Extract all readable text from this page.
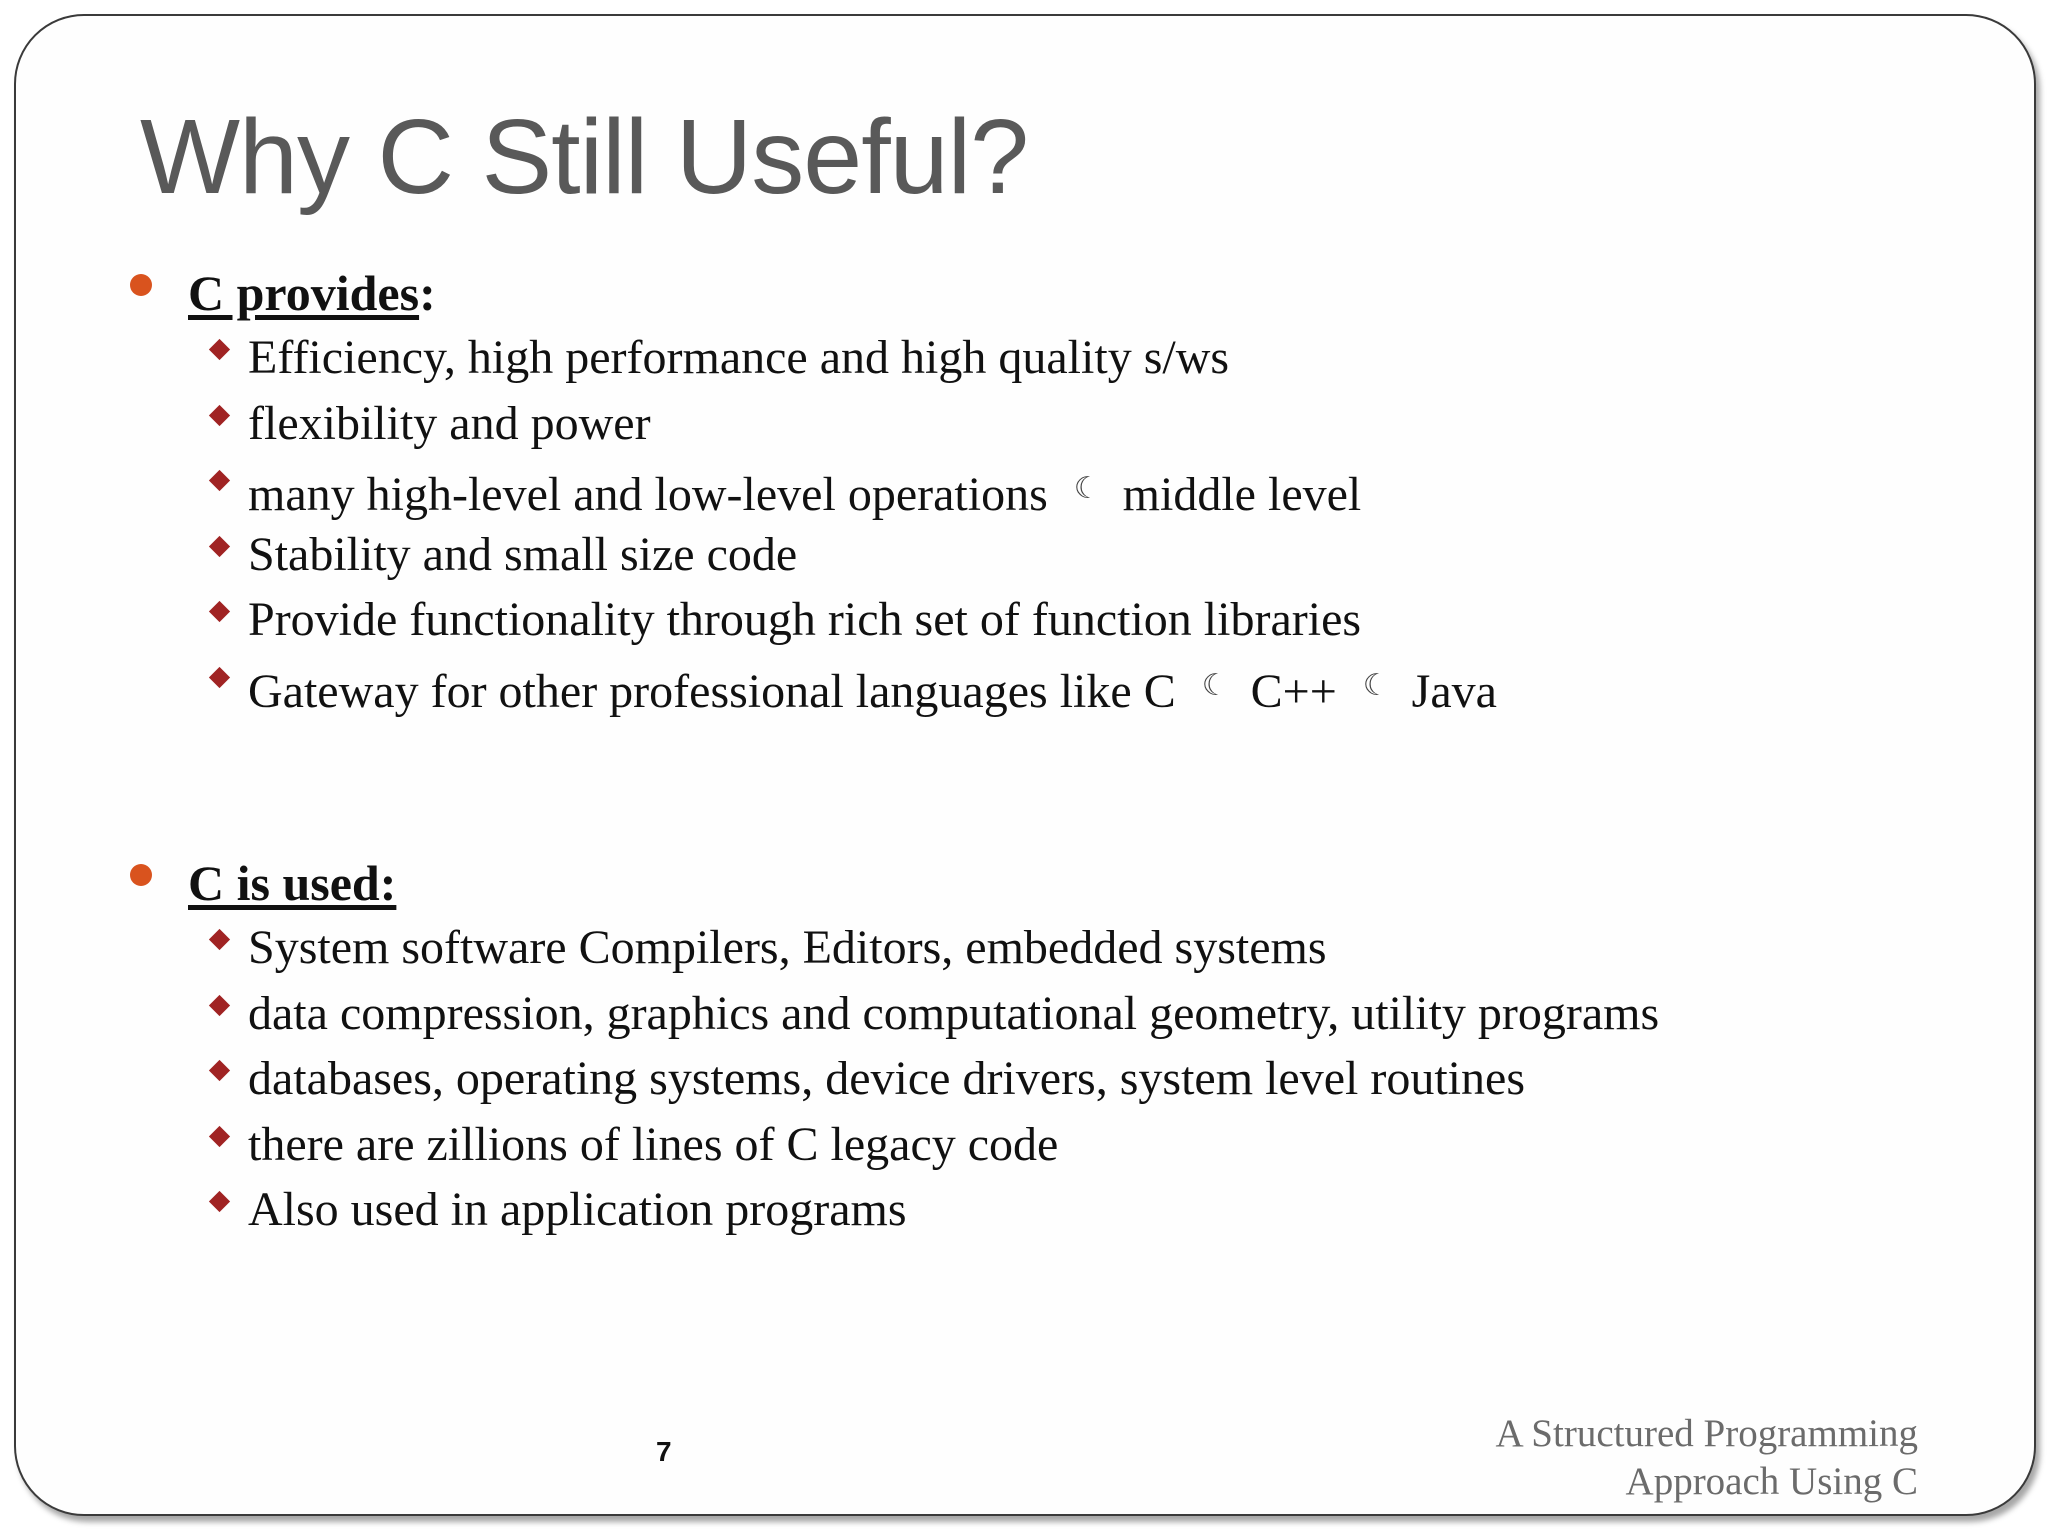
Why C Still Useful?
C provides:
Efficiency, high performance and high quality s/ws
flexibility and power
many high-level and low-level operations ☾ middle level
Stability and small size code
Provide functionality through rich set of function libraries
Gateway for other professional languages like C ☾ C++ ☾ Java
C is used:
System software Compilers, Editors, embedded systems
data compression, graphics and computational geometry, utility programs
databases, operating systems, device drivers, system level routines
there are zillions of lines of C legacy code
Also used in application programs
7	A Structured Programming
Approach Using C
